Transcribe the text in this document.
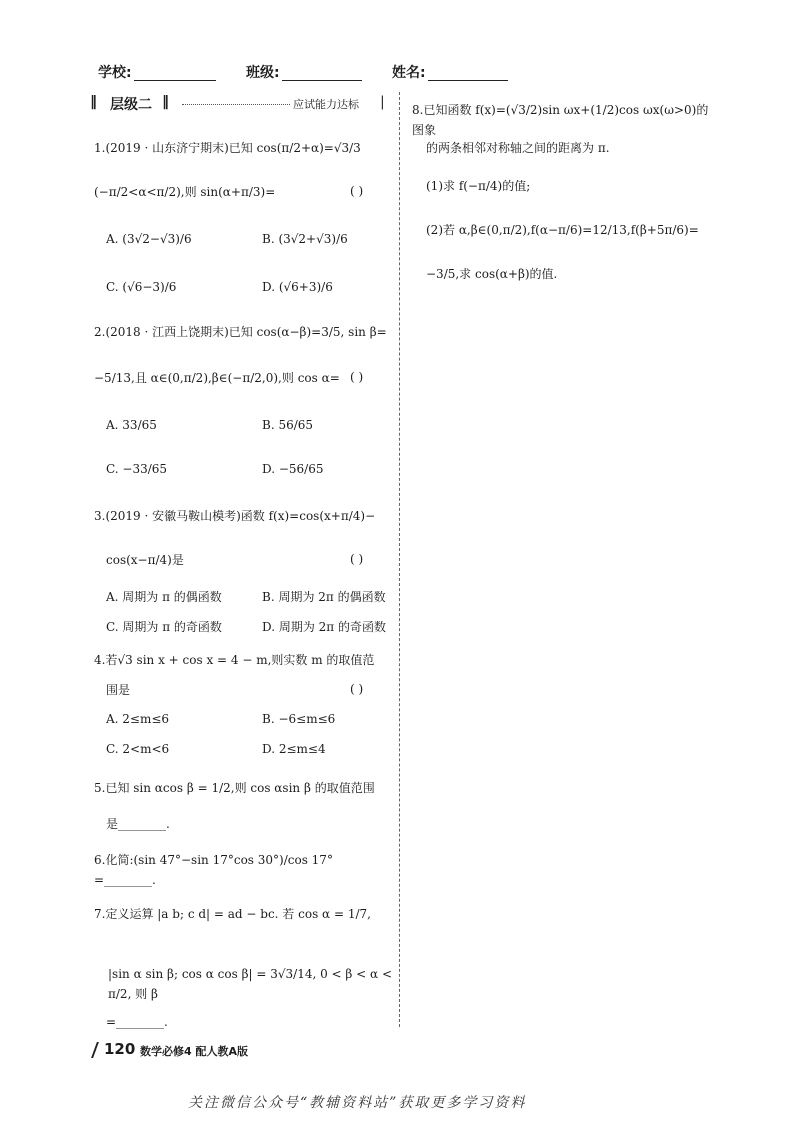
学校:	班级:	姓名:
‖ 层级二 ‖	应试能力达标 |
1.(2019 · 山东济宁期末)已知 cos(π/2+α)=√3/3
(−π/2<α<π/2),则 sin(α+π/3)=	( )
A. (3√2−√3)/6	B. (3√2+√3)/6
C. (√6−3)/6	D. (√6+3)/6
2.(2018 · 江西上饶期末)已知 cos(α−β)=3/5, sin β=
−5/13,且 α∈(0,π/2),β∈(−π/2,0),则 cos α= ( )
A. 33/65	B. 56/65
C. −33/65	D. −56/65
3.(2019 · 安徽马鞍山模考)函数 f(x)=cos(x+π/4)−
cos(x−π/4)是	( )
A. 周期为 π 的偶函数	B. 周期为 2π 的偶函数
C. 周期为 π 的奇函数	D. 周期为 2π 的奇函数
4.若√3 sin x + cos x = 4 − m,则实数 m 的取值范
围是	( )
A. 2≤m≤6	B. −6≤m≤6
C. 2<m<6	D. 2≤m≤4
5.已知 sin αcos β = 1/2,则 cos αsin β 的取值范围
是________.
6.化简:(sin 47°−sin 17°cos 30°)/cos 17° =________.
7.定义运算 |a b; c d| = ad − bc. 若 cos α = 1/7,
|sin α sin β; cos α cos β| = 3√3/14, 0 < β < α < π/2, 则 β
=________.
8.已知函数 f(x)=(√3/2)sin ωx+(1/2)cos ωx(ω>0)的图象
的两条相邻对称轴之间的距离为 π.
(1)求 f(−π/4)的值;
(2)若 α,β∈(0,π/2),f(α−π/6)=12/13,f(β+5π/6)=
−3/5,求 cos(α+β)的值.
120 数学必修4 配人教A版
关注微信公众号“教辅资料站”获取更多学习资料
